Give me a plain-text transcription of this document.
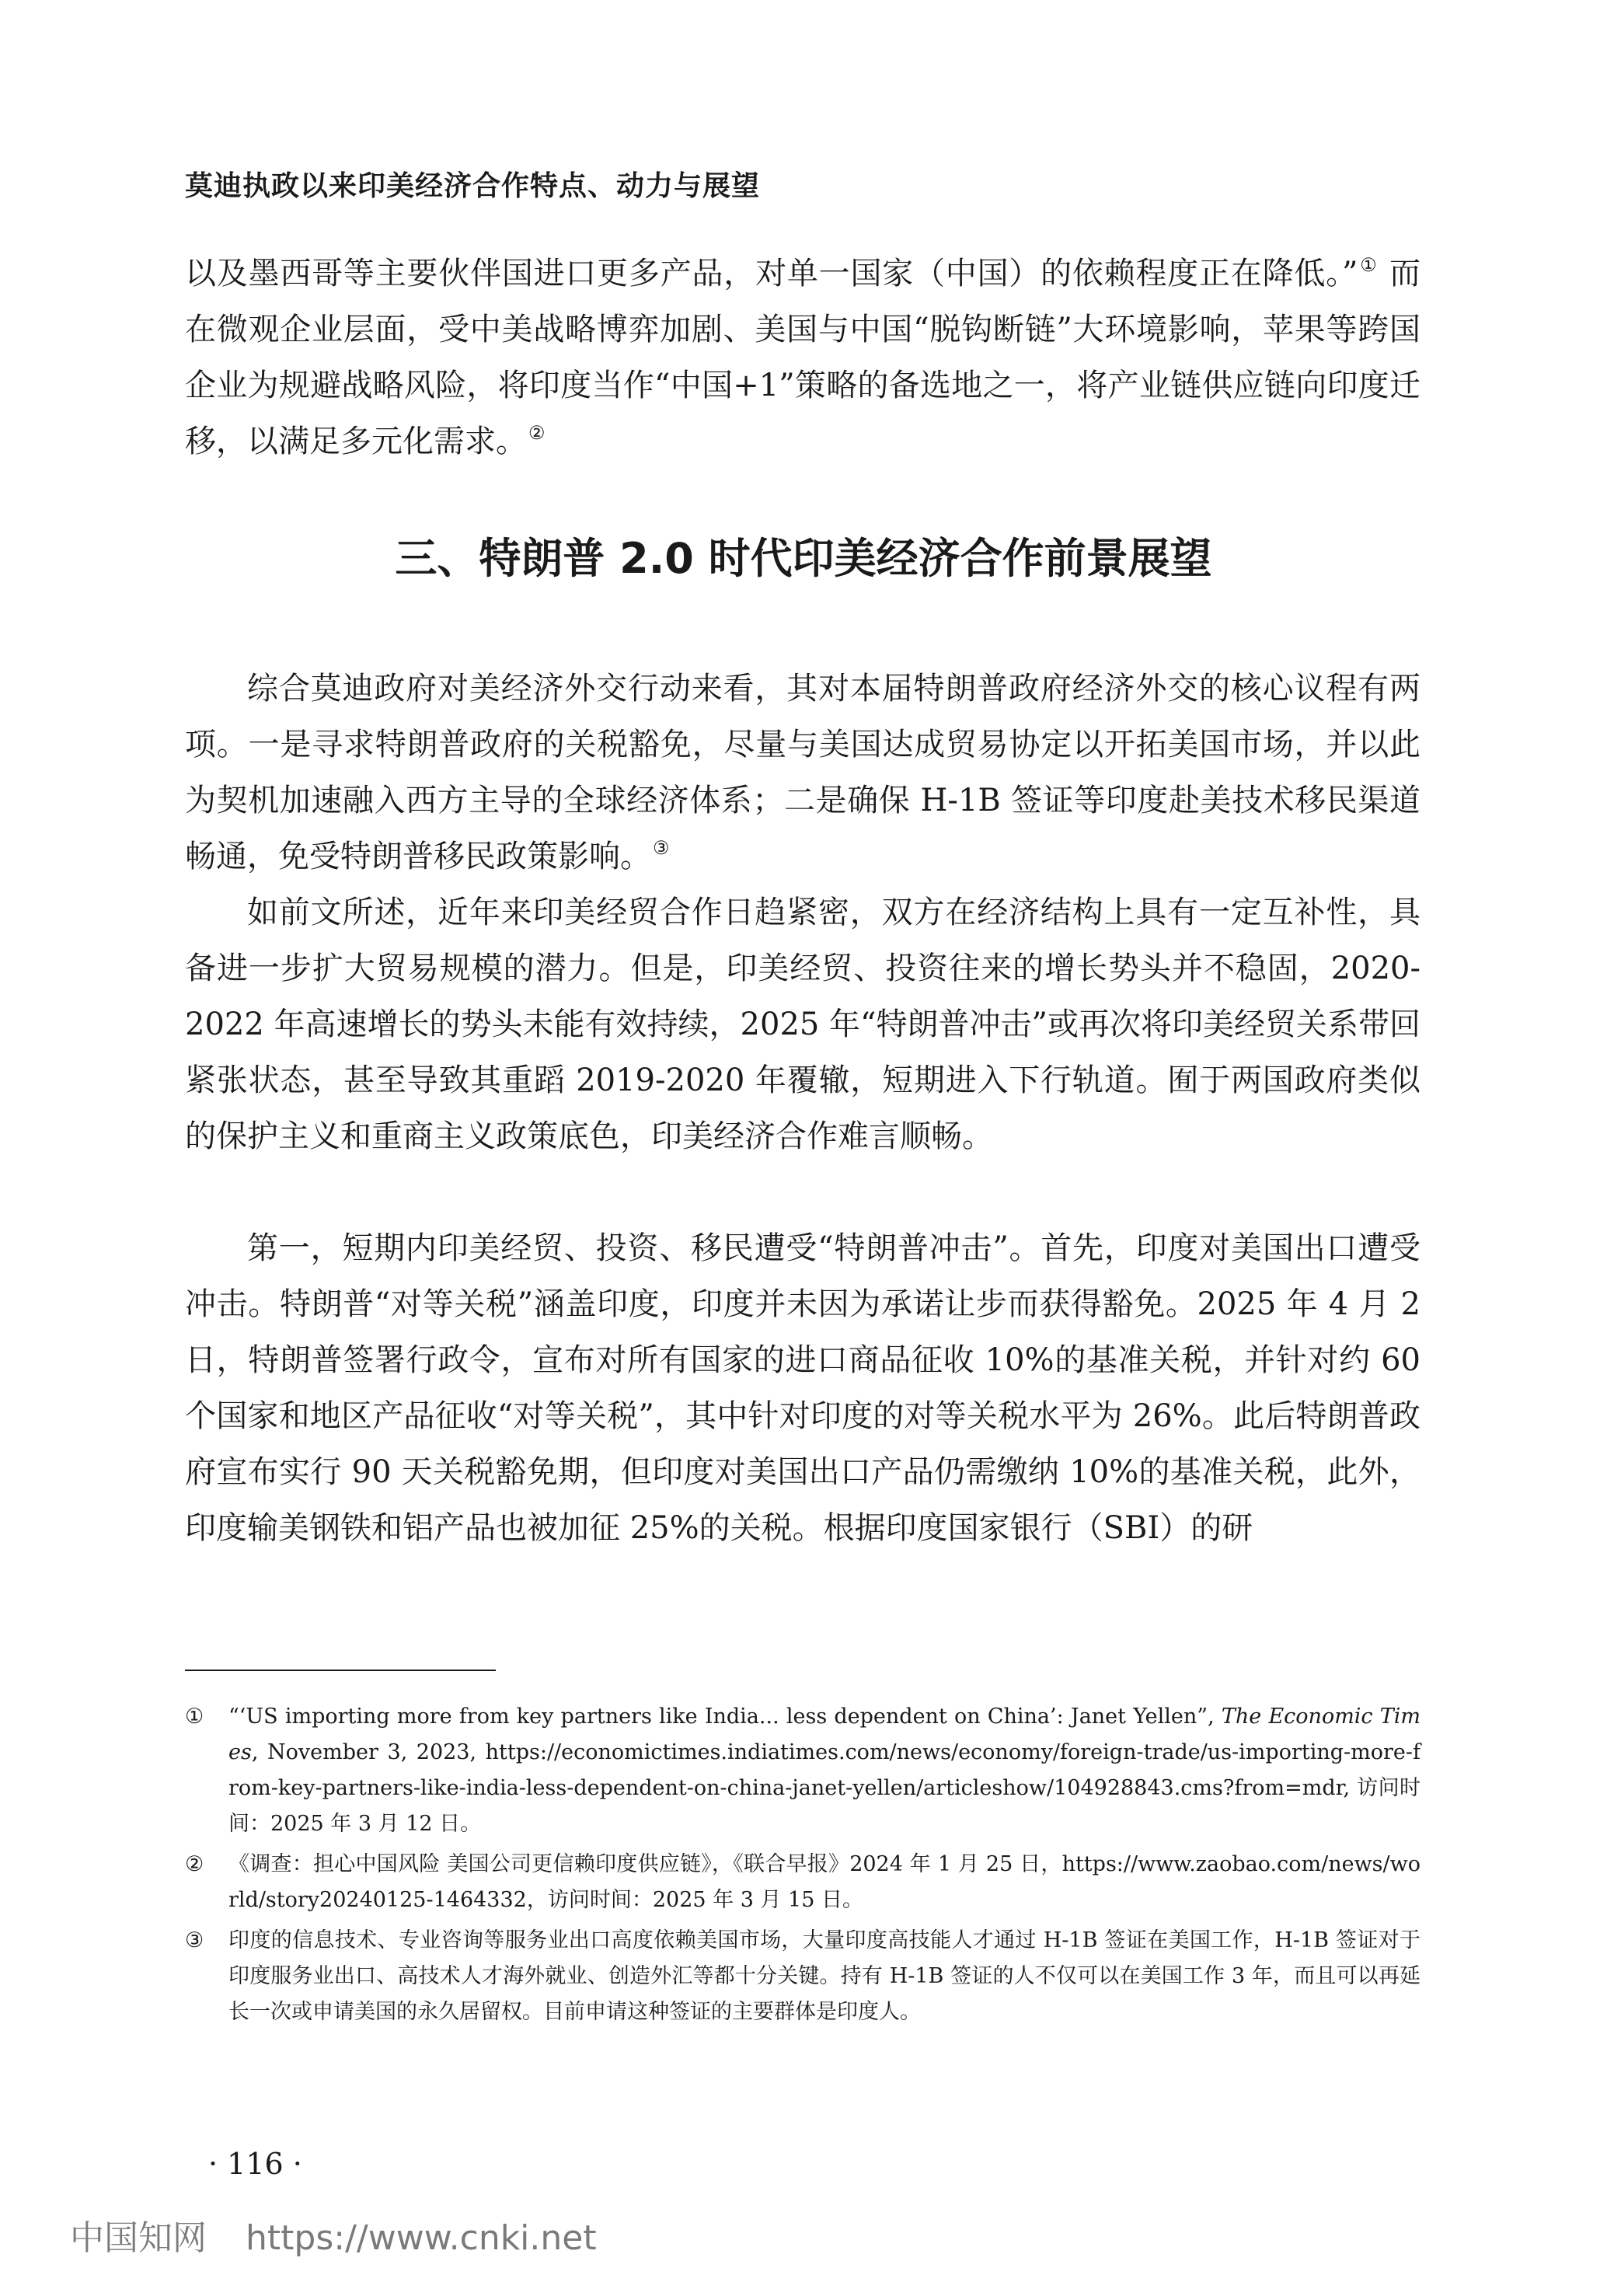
莫迪执政以来印美经济合作特点、动力与展望

以及墨西哥等主要伙伴国进口更多产品，对单一国家（中国）的依赖程度正在降低。”① 而在微观企业层面，受中美战略博弈加剧、美国与中国“脱钩断链”大环境影响，苹果等跨国企业为规避战略风险，将印度当作“中国+1”策略的备选地之一，将产业链供应链向印度迁移，以满足多元化需求。②

三、特朗普 2.0 时代印美经济合作前景展望

综合莫迪政府对美经济外交行动来看，其对本届特朗普政府经济外交的核心议程有两项。一是寻求特朗普政府的关税豁免，尽量与美国达成贸易协定以开拓美国市场，并以此为契机加速融入西方主导的全球经济体系；二是确保 H-1B 签证等印度赴美技术移民渠道畅通，免受特朗普移民政策影响。③

如前文所述，近年来印美经贸合作日趋紧密，双方在经济结构上具有一定互补性，具备进一步扩大贸易规模的潜力。但是，印美经贸、投资往来的增长势头并不稳固，2020-2022 年高速增长的势头未能有效持续，2025 年“特朗普冲击”或再次将印美经贸关系带回紧张状态，甚至导致其重蹈 2019-2020 年覆辙，短期进入下行轨道。囿于两国政府类似的保护主义和重商主义政策底色，印美经济合作难言顺畅。

第一，短期内印美经贸、投资、移民遭受“特朗普冲击”。首先，印度对美国出口遭受冲击。特朗普“对等关税”涵盖印度，印度并未因为承诺让步而获得豁免。2025 年 4 月 2 日，特朗普签署行政令，宣布对所有国家的进口商品征收 10%的基准关税，并针对约 60 个国家和地区产品征收“对等关税”，其中针对印度的对等关税水平为 26%。此后特朗普政府宣布实行 90 天关税豁免期，但印度对美国出口产品仍需缴纳 10%的基准关税，此外，印度输美钢铁和铝产品也被加征 25%的关税。根据印度国家银行（SBI）的研

① “‘US importing more from key partners like India... less dependent on China’: Janet Yellen”, The Economic Times, November 3, 2023, https://economictimes.indiatimes.com/news/economy/foreign-trade/us-importing-more-from-key-partners-like-india-less-dependent-on-china-janet-yellen/articleshow/104928843.cms?from=mdr, 访问时间：2025 年 3 月 12 日。
② 《调查：担心中国风险 美国公司更信赖印度供应链》，《联合早报》2024 年 1 月 25 日，https://www.zaobao.com/news/world/story20240125-1464332，访问时间：2025 年 3 月 15 日。
③ 印度的信息技术、专业咨询等服务业出口高度依赖美国市场，大量印度高技能人才通过 H-1B 签证在美国工作，H-1B 签证对于印度服务业出口、高技术人才海外就业、创造外汇等都十分关键。持有 H-1B 签证的人不仅可以在美国工作 3 年，而且可以再延长一次或申请美国的永久居留权。目前申请这种签证的主要群体是印度人。
· 116 ·
中国知网 https://www.cnki.net
